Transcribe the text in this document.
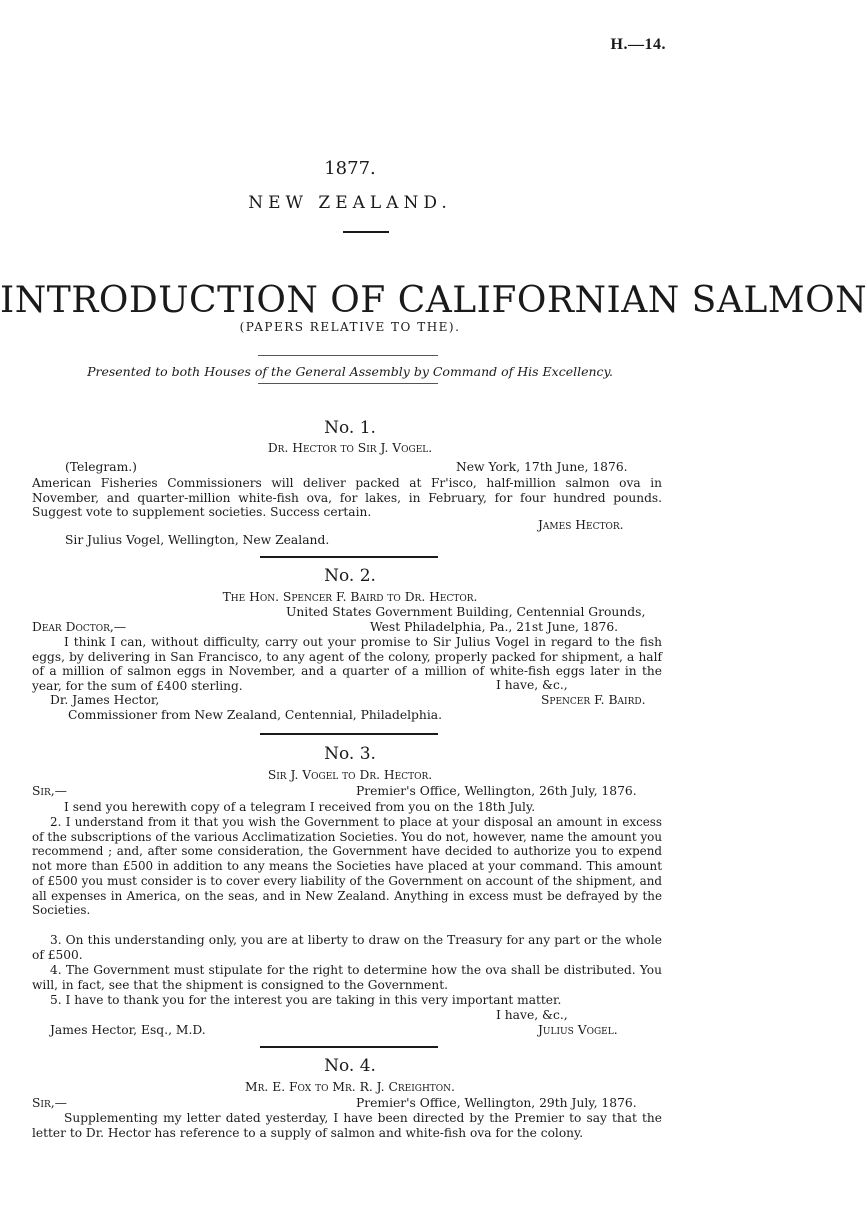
H.—14.
1877.
NEW ZEALAND.
INTRODUCTION OF CALIFORNIAN SALMON
(PAPERS RELATIVE TO THE).
Presented to both Houses of the General Assembly by Command of His Excellency.
No. 1.
Dr. Hector to Sir J. Vogel.
(Telegram.)	New York, 17th June, 1876.
American Fisheries Commissioners will deliver packed at Fr'isco, half-million salmon ova in November, and quarter-million white-fish ova, for lakes, in February, for four hundred pounds. Suggest vote to supplement societies. Success certain.
James Hector.
Sir Julius Vogel, Wellington, New Zealand.
No. 2.
The Hon. Spencer F. Baird to Dr. Hector.
United States Government Building, Centennial Grounds,
Dear Doctor,—	West Philadelphia, Pa., 21st June, 1876.
I think I can, without difficulty, carry out your promise to Sir Julius Vogel in regard to the fish eggs, by delivering in San Francisco, to any agent of the colony, properly packed for shipment, a half of a million of salmon eggs in November, and a quarter of a million of white-fish eggs later in the year, for the sum of £400 sterling.	I have, &c.,
Dr. James Hector,	Spencer F. Baird.
Commissioner from New Zealand, Centennial, Philadelphia.
No. 3.
Sir J. Vogel to Dr. Hector.
Sir,—	Premier's Office, Wellington, 26th July, 1876.
I send you herewith copy of a telegram I received from you on the 18th July.
2. I understand from it that you wish the Government to place at your disposal an amount in excess of the subscriptions of the various Acclimatization Societies. You do not, however, name the amount you recommend ; and, after some consideration, the Government have decided to authorize you to expend not more than £500 in addition to any means the Societies have placed at your command. This amount of £500 you must consider is to cover every liability of the Government on account of the shipment, and all expenses in America, on the seas, and in New Zealand. Anything in excess must be defrayed by the Societies.
3. On this understanding only, you are at liberty to draw on the Treasury for any part or the whole of £500.
4. The Government must stipulate for the right to determine how the ova shall be distributed. You will, in fact, see that the shipment is consigned to the Government.
5. I have to thank you for the interest you are taking in this very important matter.
I have, &c.,
James Hector, Esq., M.D.	Julius Vogel.
No. 4.
Mr. E. Fox to Mr. R. J. Creighton.
Sir,—	Premier's Office, Wellington, 29th July, 1876.
Supplementing my letter dated yesterday, I have been directed by the Premier to say that the letter to Dr. Hector has reference to a supply of salmon and white-fish ova for the colony.
